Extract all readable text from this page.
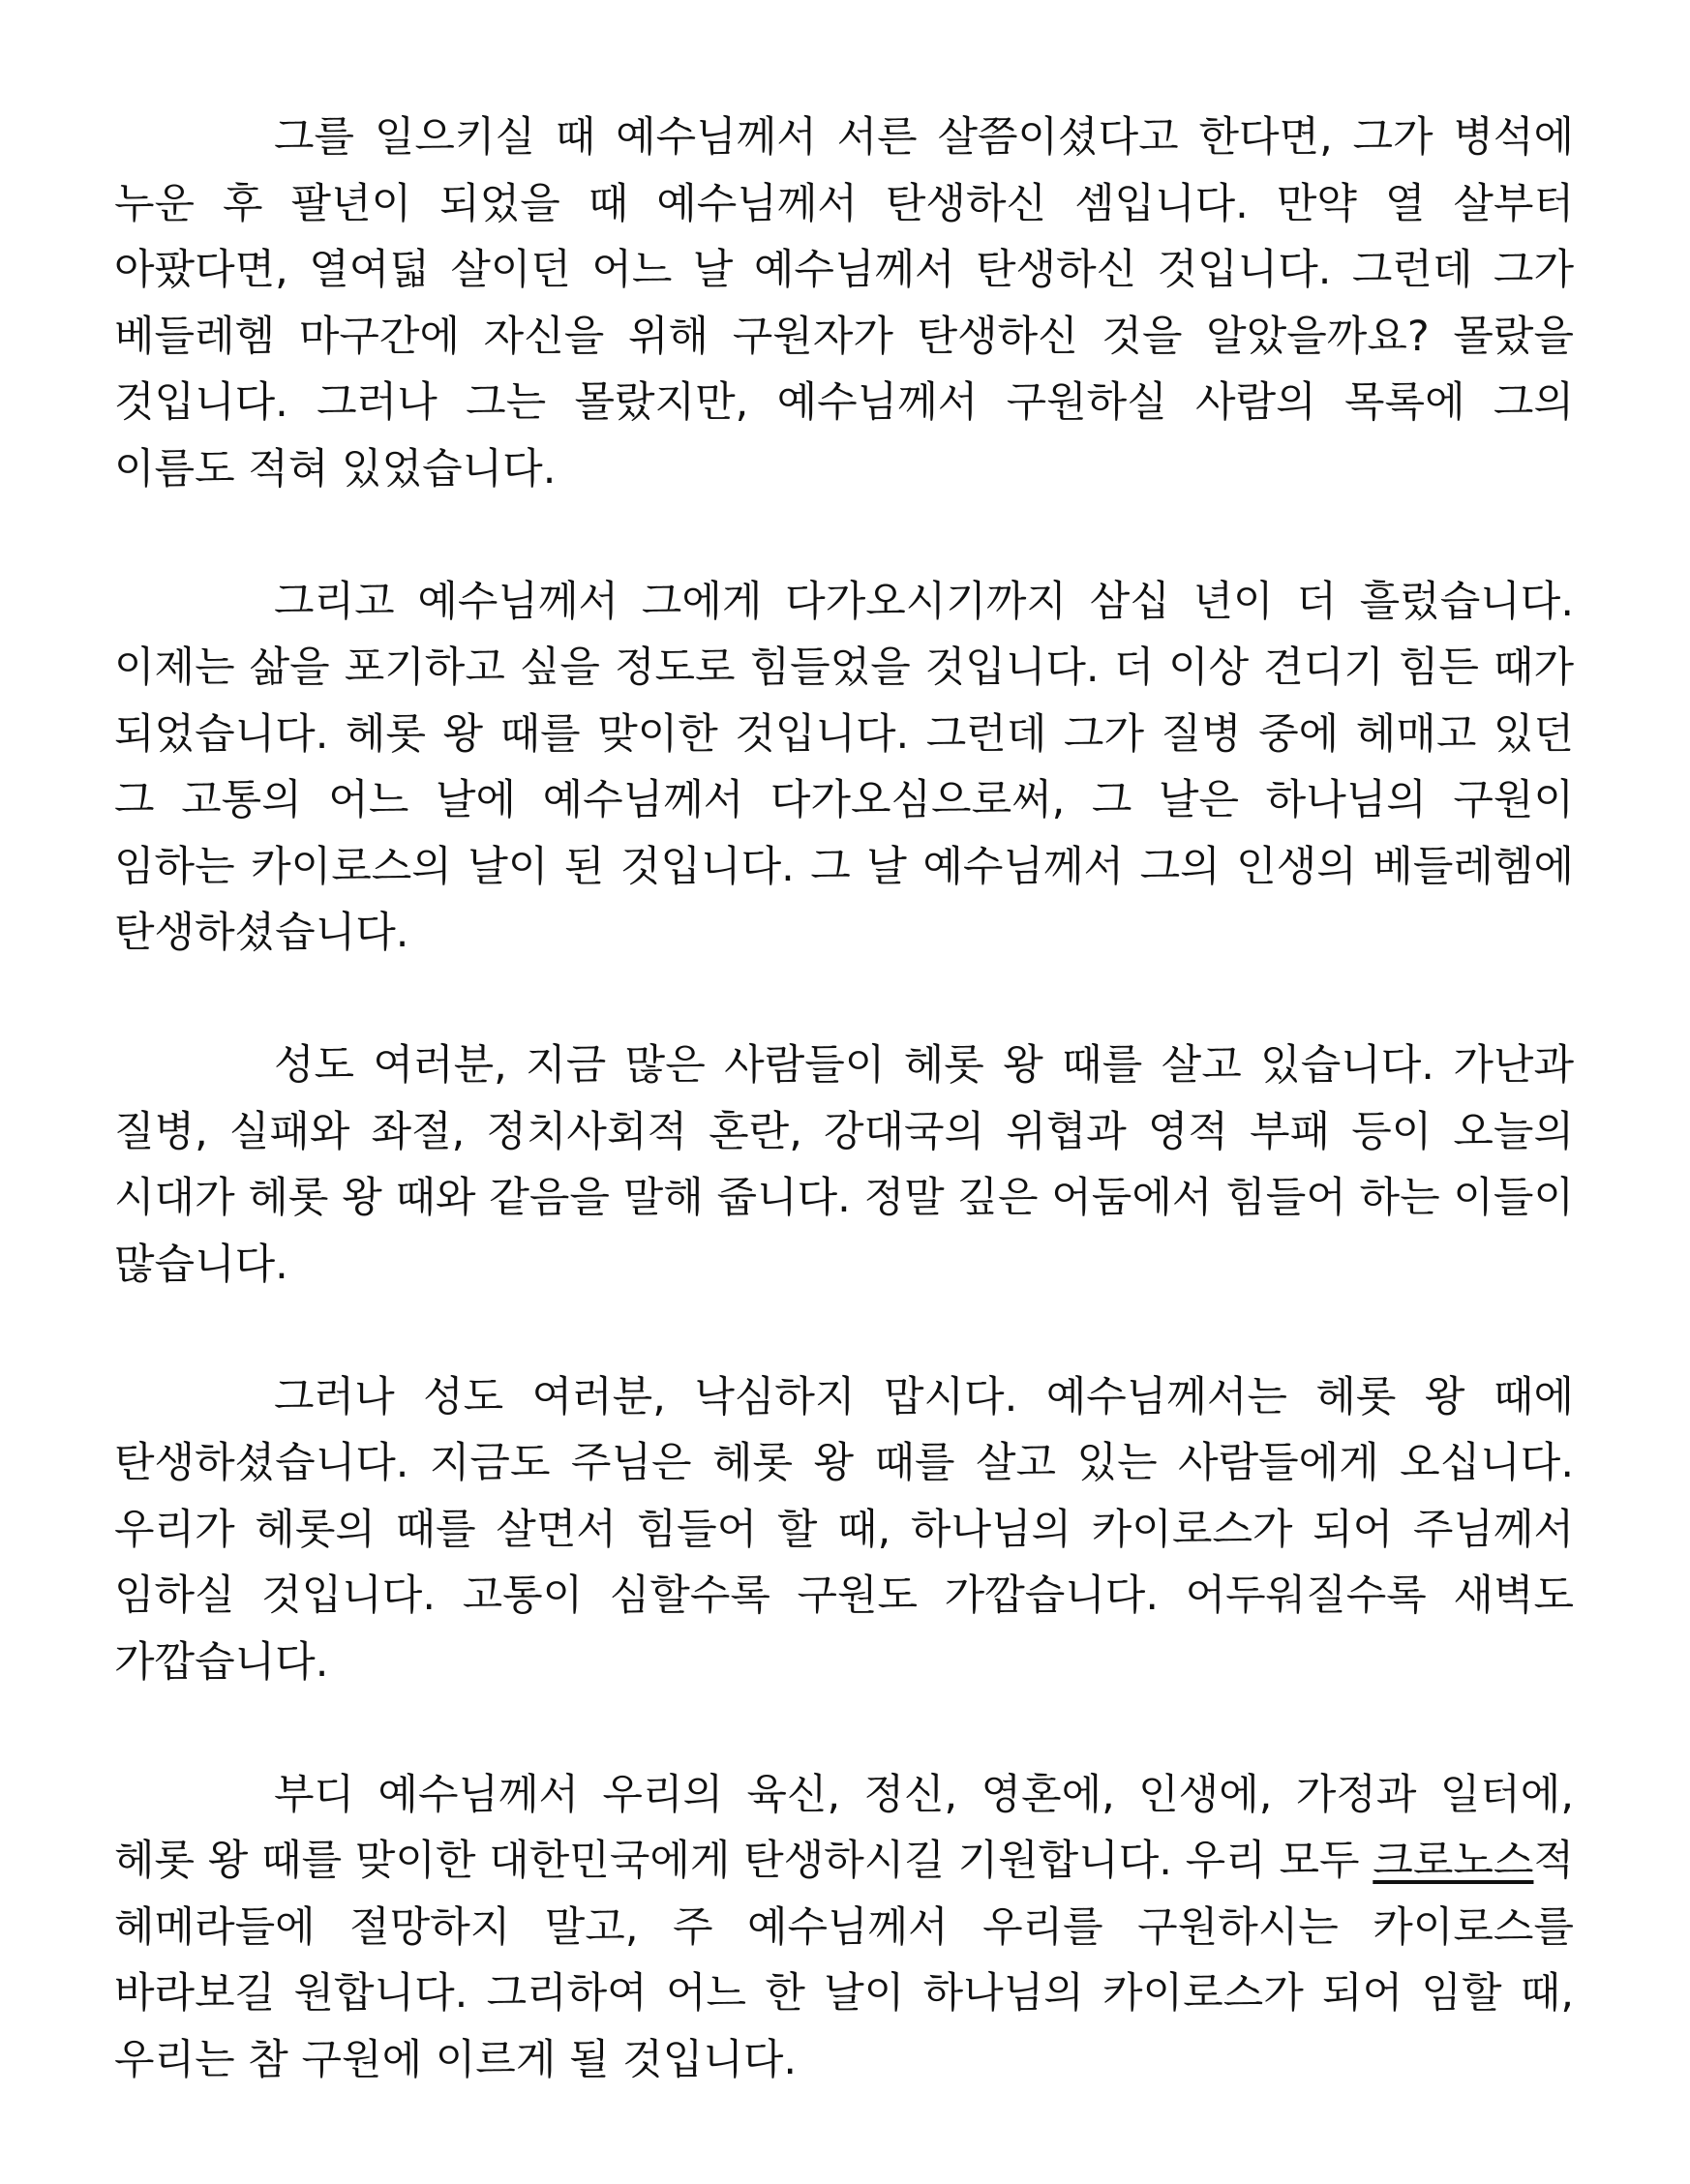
그를 일으키실 때 예수님께서 서른 살쯤이셨다고 한다면, 그가 병석에 누운 후 팔년이 되었을 때 예수님께서 탄생하신 셈입니다. 만약 열 살부터 아팠다면, 열여덟 살이던 어느 날 예수님께서 탄생하신 것입니다. 그런데 그가 베들레헴 마구간에 자신을 위해 구원자가 탄생하신 것을 알았을까요? 몰랐을 것입니다. 그러나 그는 몰랐지만, 예수님께서 구원하실 사람의 목록에 그의 이름도 적혀 있었습니다.

그리고 예수님께서 그에게 다가오시기까지 삼십 년이 더 흘렀습니다. 이제는 삶을 포기하고 싶을 정도로 힘들었을 것입니다. 더 이상 견디기 힘든 때가 되었습니다. 헤롯 왕 때를 맞이한 것입니다. 그런데 그가 질병 중에 헤매고 있던 그 고통의 어느 날에 예수님께서 다가오심으로써, 그 날은 하나님의 구원이 임하는 카이로스의 날이 된 것입니다. 그 날 예수님께서 그의 인생의 베들레헴에 탄생하셨습니다.

성도 여러분, 지금 많은 사람들이 헤롯 왕 때를 살고 있습니다. 가난과 질병, 실패와 좌절, 정치사회적 혼란, 강대국의 위협과 영적 부패 등이 오늘의 시대가 헤롯 왕 때와 같음을 말해 줍니다. 정말 깊은 어둠에서 힘들어 하는 이들이 많습니다.

그러나 성도 여러분, 낙심하지 맙시다. 예수님께서는 헤롯 왕 때에 탄생하셨습니다. 지금도 주님은 헤롯 왕 때를 살고 있는 사람들에게 오십니다. 우리가 헤롯의 때를 살면서 힘들어 할 때, 하나님의 카이로스가 되어 주님께서 임하실 것입니다. 고통이 심할수록 구원도 가깝습니다. 어두워질수록 새벽도 가깝습니다.

부디 예수님께서 우리의 육신, 정신, 영혼에, 인생에, 가정과 일터에, 헤롯 왕 때를 맞이한 대한민국에게 탄생하시길 기원합니다. 우리 모두 크로노스적 헤메라들에 절망하지 말고, 주 예수님께서 우리를 구원하시는 카이로스를 바라보길 원합니다. 그리하여 어느 한 날이 하나님의 카이로스가 되어 임할 때, 우리는 참 구원에 이르게 될 것입니다.
